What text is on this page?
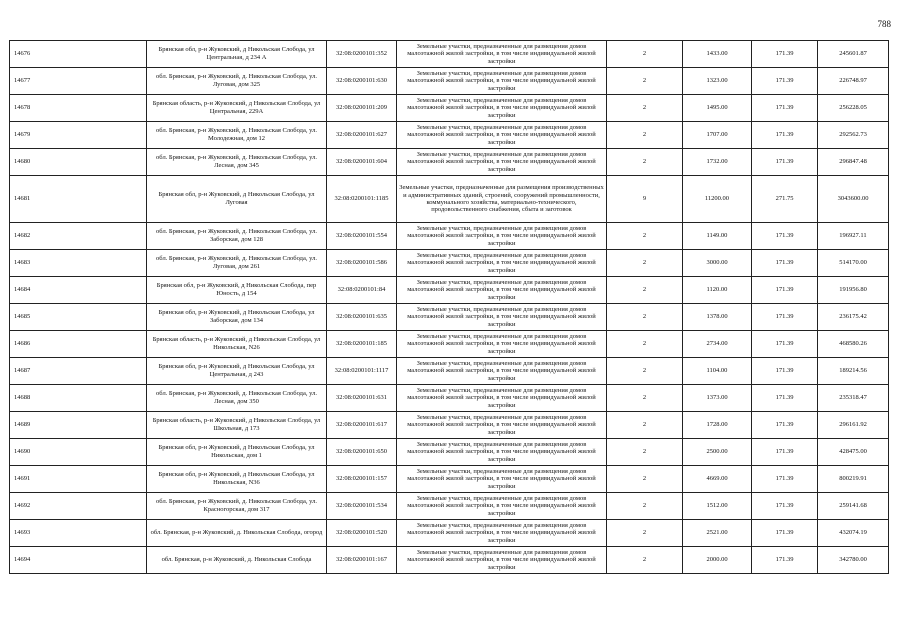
788
14676	Брянская обл, р-н Жуковский, д Никольская Слобода, ул Центральная, д 234 А	32:08:0200101:352	Земельные участки, предназначенные для размещения домов малоэтажной жилой застройки, в том числе индивидуальной жилой застройки	2	1433.00	171.39	245601.87
14677	обл. Брянская, р-н Жуковский, д. Никольская Слобода, ул. Луговая, дом 325	32:08:0200101:630	Земельные участки, предназначенные для размещения домов малоэтажной жилой застройки, в том числе индивидуальной жилой застройки	2	1323.00	171.39	226748.97
14678	Брянская область, р-н Жуковский, д Никольская Слобода, ул Центральная, 229А	32:08:0200101:209	Земельные участки, предназначенные для размещения домов малоэтажной жилой застройки, в том числе индивидуальной жилой застройки	2	1495.00	171.39	256228.05
14679	обл. Брянская, р-н Жуковский, д. Никольская Слобода, ул. Молодежная, дом 12	32:08:0200101:627	Земельные участки, предназначенные для размещения домов малоэтажной жилой застройки, в том числе индивидуальной жилой застройки	2	1707.00	171.39	292562.73
14680	обл. Брянская, р-н Жуковский, д. Никольская Слобода, ул. Лесная, дом 345	32:08:0200101:604	Земельные участки, предназначенные для размещения домов малоэтажной жилой застройки, в том числе индивидуальной жилой застройки	2	1732.00	171.39	296847.48
14681	Брянская обл, р-н Жуковский, д Никольская Слобода, ул Луговая	32:08:0200101:1185	Земельные участки, предназначенные для размещения производственных и административных зданий, строений, сооружений промышленности, коммунального хозяйства, материально-технического, продовольственного снабжения, сбыта и заготовок	9	11200.00	271.75	3043600.00
14682	обл. Брянская, р-н Жуковский, д. Никольская Слобода, ул. Заборская, дом 128	32:08:0200101:554	Земельные участки, предназначенные для размещения домов малоэтажной жилой застройки, в том числе индивидуальной жилой застройки	2	1149.00	171.39	196927.11
14683	обл. Брянская, р-н Жуковский, д. Никольская Слобода, ул. Луговая, дом 261	32:08:0200101:586	Земельные участки, предназначенные для размещения домов малоэтажной жилой застройки, в том числе индивидуальной жилой застройки	2	3000.00	171.39	514170.00
14684	Брянская обл, р-н Жуковский, д Никольская Слобода, пер Юность, д 154	32:08:0200101:84	Земельные участки, предназначенные для размещения домов малоэтажной жилой застройки, в том числе индивидуальной жилой застройки	2	1120.00	171.39	191956.80
14685	Брянская обл, р-н Жуковский, д Никольская Слобода, ул Заборская, дом 134	32:08:0200101:635	Земельные участки, предназначенные для размещения домов малоэтажной жилой застройки, в том числе индивидуальной жилой застройки	2	1378.00	171.39	236175.42
14686	Брянская область, р-н Жуковский, д Никольская Слобода, ул Никольская, N26	32:08:0200101:185	Земельные участки, предназначенные для размещения домов малоэтажной жилой застройки, в том числе индивидуальной жилой застройки	2	2734.00	171.39	468580.26
14687	Брянская обл, р-н Жуковский, д Никольская Слобода, ул Центральная, д 243	32:08:0200101:1117	Земельные участки, предназначенные для размещения домов малоэтажной жилой застройки, в том числе индивидуальной жилой застройки	2	1104.00	171.39	189214.56
14688	обл. Брянская, р-н Жуковский, д. Никольская Слобода, ул. Лесная, дом 350	32:08:0200101:631	Земельные участки, предназначенные для размещения домов малоэтажной жилой застройки, в том числе индивидуальной жилой застройки	2	1373.00	171.39	235318.47
14689	Брянская область, р-н Жуковский, д Никольская Слобода, ул Школьная, д 173	32:08:0200101:617	Земельные участки, предназначенные для размещения домов малоэтажной жилой застройки, в том числе индивидуальной жилой застройки	2	1728.00	171.39	296161.92
14690	Брянская обл, р-н Жуковский, д Никольская Слобода, ул Никольская, дом 1	32:08:0200101:650	Земельные участки, предназначенные для размещения домов малоэтажной жилой застройки, в том числе индивидуальной жилой застройки	2	2500.00	171.39	428475.00
14691	Брянская обл, р-н Жуковский, д Никольская Слобода, ул Никольская, N36	32:08:0200101:157	Земельные участки, предназначенные для размещения домов малоэтажной жилой застройки, в том числе индивидуальной жилой застройки	2	4669.00	171.39	800219.91
14692	обл. Брянская, р-н Жуковский, д. Никольская Слобода, ул. Красногорская, дом 317	32:08:0200101:534	Земельные участки, предназначенные для размещения домов малоэтажной жилой застройки, в том числе индивидуальной жилой застройки	2	1512.00	171.39	259141.68
14693	обл. Брянская, р-н Жуковский, д. Никольская Слобода, огород	32:08:0200101:520	Земельные участки, предназначенные для размещения домов малоэтажной жилой застройки, в том числе индивидуальной жилой застройки	2	2521.00	171.39	432074.19
14694	обл. Брянская, р-н Жуковский, д. Никольская Слобода	32:08:0200101:167	Земельные участки, предназначенные для размещения домов малоэтажной жилой застройки, в том числе индивидуальной жилой застройки	2	2000.00	171.39	342780.00
